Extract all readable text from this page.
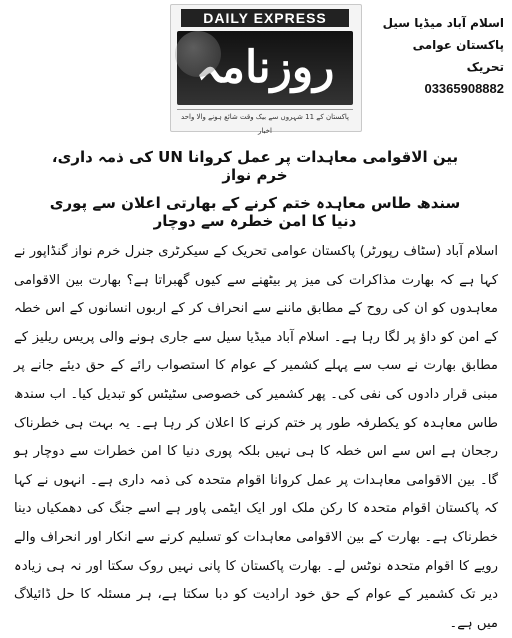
DAILY EXPRESS
روزنامہ
پاکستان کے 11 شہروں سے بیک وقت شائع ہونے والا واحد اخبار
اسلام آباد میڈیا سیل
پاکستان عوامی تحریک
03365908882
بین الاقوامی معاہدات پر عمل کروانا UN کی ذمہ داری، خرم نواز
سندھ طاس معاہدہ ختم کرنے کے بھارتی اعلان سے پوری دنیا کا امن خطرہ سے دوچار
اسلام آباد (سٹاف رپورٹر) پاکستان عوامی تحریک کے سیکرٹری جنرل خرم نواز گنڈاپور نے کہا ہے کہ بھارت مذاکرات کی میز پر بیٹھنے سے کیوں گھبراتا ہے؟ بھارت بین الاقوامی معاہدوں کو ان کی روح کے مطابق ماننے سے انحراف کر کے اربوں انسانوں کے اس خطہ کے امن کو داؤ پر لگا رہا ہے۔ اسلام آباد میڈیا سیل سے جاری ہونے والی پریس ریلیز کے مطابق بھارت نے سب سے پہلے کشمیر کے عوام کا استصواب رائے کے حق دیئے جانے پر مبنی قرار دادوں کی نفی کی۔ پھر کشمیر کی خصوصی سٹیٹس کو تبدیل کیا۔ اب سندھ طاس معاہدہ کو یکطرفہ طور پر ختم کرنے کا اعلان کر رہا ہے۔ یہ بہت ہی خطرناک رجحان ہے اس سے اس خطہ کا ہی نہیں بلکہ پوری دنیا کا امن خطرات سے دوچار ہو گا۔ بین الاقوامی معاہدات پر عمل کروانا اقوام متحدہ کی ذمہ داری ہے۔ انہوں نے کہا کہ پاکستان اقوام متحدہ کا رکن ملک اور ایک ایٹمی پاور ہے اسے جنگ کی دھمکیاں دینا خطرناک ہے۔ بھارت کے بین الاقوامی معاہدات کو تسلیم کرنے سے انکار اور انحراف والے رویے کا اقوام متحدہ نوٹس لے۔ بھارت پاکستان کا پانی نہیں روک سکتا اور نہ ہی زیادہ دیر تک کشمیر کے عوام کے حق خود ارادیت کو دبا سکتا ہے، ہر مسئلہ کا حل ڈائیلاگ میں ہے۔
